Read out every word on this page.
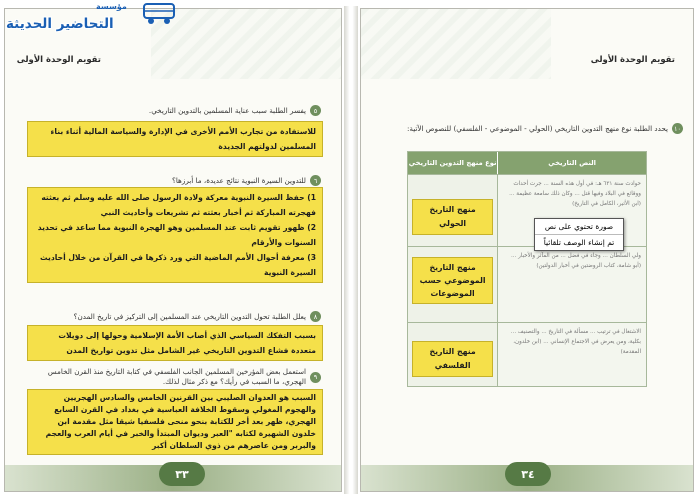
تقويم الوحدة الأولى
٥
يفسر الطلبة سبب عناية المسلمين بالتدوين التاريخي.
للاستفادة من تجارب الأمم الأخرى في الإدارة والسياسة المالية أثناء بناء المسلمين لدولتهم الجديدة
٦
للتدوين السيرة النبوية نتائج عديدة، ما أبرزها؟
1) حفظ السيرة النبوية معركة ولادة الرسول صلى الله عليه وسلم ثم بعثته فهجرته المباركة ثم أخبار بعثته ثم تشريعات وأحاديث النبي
2) ظهور تقويم ثابت عند المسلمين وهو الهجرة النبوية مما ساعد في تحديد السنوات والأرقام
3) معرفة أحوال الأمم الماضية التي ورد ذكرها في القرآن من خلال أحاديث السيرة النبوية
٨
يعلل الطلبة تحول التدوين التاريخي عند المسلمين إلى التركيز في تاريخ المدن؟
بسبب التفكك السياسي الذي أصاب الأمة الإسلامية وحولها إلى دويلات متعددة فشاع التدوين التاريخي غير الشامل مثل تدوين تواريخ المدن
٩
استعمل بعض المؤرخين المسلمين الجانب الفلسفي في كتابة التاريخ منذ القرن الخامس الهجري، ما السبب في رأيك؟ مع ذكر مثال لذلك.
السبب هو العدوان الصليبي بين القرنين الخامس والسادس الهجريين والهجوم المغولي وسقوط الخلافة العباسية في بغداد في القرن السابع الهجري، ظهر بعد أخر للكتابة بنحو منحى فلسفيا شيقا مثل مقدمة ابن خلدون الشهيرة لكتابه "العبر وديوان المبتدأ والخبر في أيام العرب والعجم والبربر ومن عاصرهم من ذوي السلطان أكبر
٣٣
تقويم الوحدة الأولى
١٠
يحدد الطلبة نوع منهج التدوين التاريخي (الحولي - الموضوعي - الفلسفي) للنصوص الآتية:
النص التاريخي
نوع منهج التدوين التاريخي
حوادث سنة ٦٣١ هـ: في أول هذه السنة ... جرت أحداث ووقائع في البلاد وفيها قتل ... وكان ذلك سامعة عظيمة ... (ابن الأثير، الكامل في التاريخ)
منهج التاريخ الحولي
ولي السلطان ... وجاء في فضل ... من المآثر والأخبار ... (أبو شامة، كتاب الروضتين في أخبار الدولتين)
منهج التاريخ الموضوعي حسب الموضوعات
الاشتغال في ترتيب ... مسألة في التاريخ ... والتصنيف ... بكلية، ومن يعرض في الاجتماع الإنساني ... (ابن خلدون، المقدمة)
منهج التاريخ الفلسفي
٣٤
صورة تحتوي على نص
تم إنشاء الوصف تلقائياً
مؤسسة
التحاضير الحديثة
